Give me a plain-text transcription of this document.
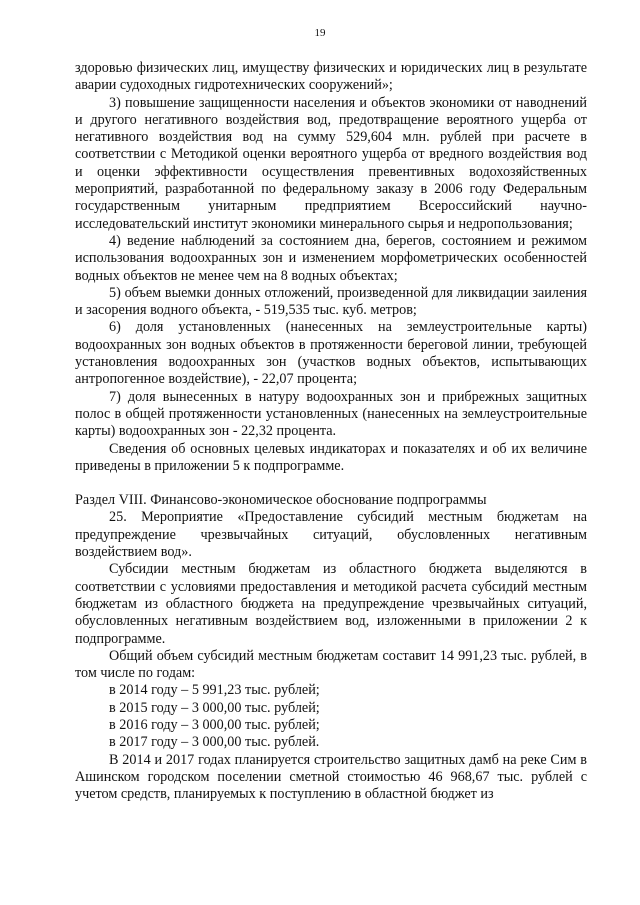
19

здоровью физических лиц, имуществу физических и юридических лиц в результате аварии судоходных гидротехнических сооружений»;

3) повышение защищенности населения и объектов экономики от наводнений и другого негативного воздействия вод, предотвращение вероятного ущерба от негативного воздействия вод на сумму 529,604 млн. рублей при расчете в соответствии с Методикой оценки вероятного ущерба от вредного воздействия вод и оценки эффективности осуществления превентивных водохозяйственных мероприятий, разработанной по федеральному заказу в 2006 году Федеральным государственным унитарным предприятием Всероссийский научно-исследовательский институт экономики минерального сырья и недропользования;

4) ведение наблюдений за состоянием дна, берегов, состоянием и режимом использования водоохранных зон и изменением морфометрических особенностей водных объектов не менее чем на 8 водных объектах;

5) объем выемки донных отложений, произведенной для ликвидации заиления и засорения водного объекта, - 519,535 тыс. куб. метров;

6) доля установленных (нанесенных на землеустроительные карты) водоохранных зон водных объектов в протяженности береговой линии, требующей установления водоохранных зон (участков водных объектов, испытывающих антропогенное воздействие), - 22,07 процента;

7) доля вынесенных в натуру водоохранных зон и прибрежных защитных полос в общей протяженности установленных (нанесенных на землеустроительные карты) водоохранных зон - 22,32 процента.

Сведения об основных целевых индикаторах и показателях и об их величине приведены в приложении 5 к подпрограмме.

Раздел VIII. Финансово-экономическое обоснование подпрограммы

25. Мероприятие «Предоставление субсидий местным бюджетам на предупреждение чрезвычайных ситуаций, обусловленных негативным воздействием вод».

Субсидии местным бюджетам из областного бюджета выделяются в соответствии с условиями предоставления и методикой расчета субсидий местным бюджетам из областного бюджета на предупреждение чрезвычайных ситуаций, обусловленных негативным воздействием вод, изложенными в приложении 2 к подпрограмме.

Общий объем субсидий местным бюджетам составит 14 991,23 тыс. рублей, в том числе по годам:

в 2014 году – 5 991,23 тыс. рублей;

в 2015 году – 3 000,00 тыс. рублей;

в 2016 году – 3 000,00 тыс. рублей;

в 2017 году – 3 000,00 тыс. рублей.

В 2014 и 2017 годах планируется строительство защитных дамб на реке Сим в Ашинском городском поселении сметной стоимостью 46 968,67 тыс. рублей с учетом средств, планируемых к поступлению в областной бюджет из
